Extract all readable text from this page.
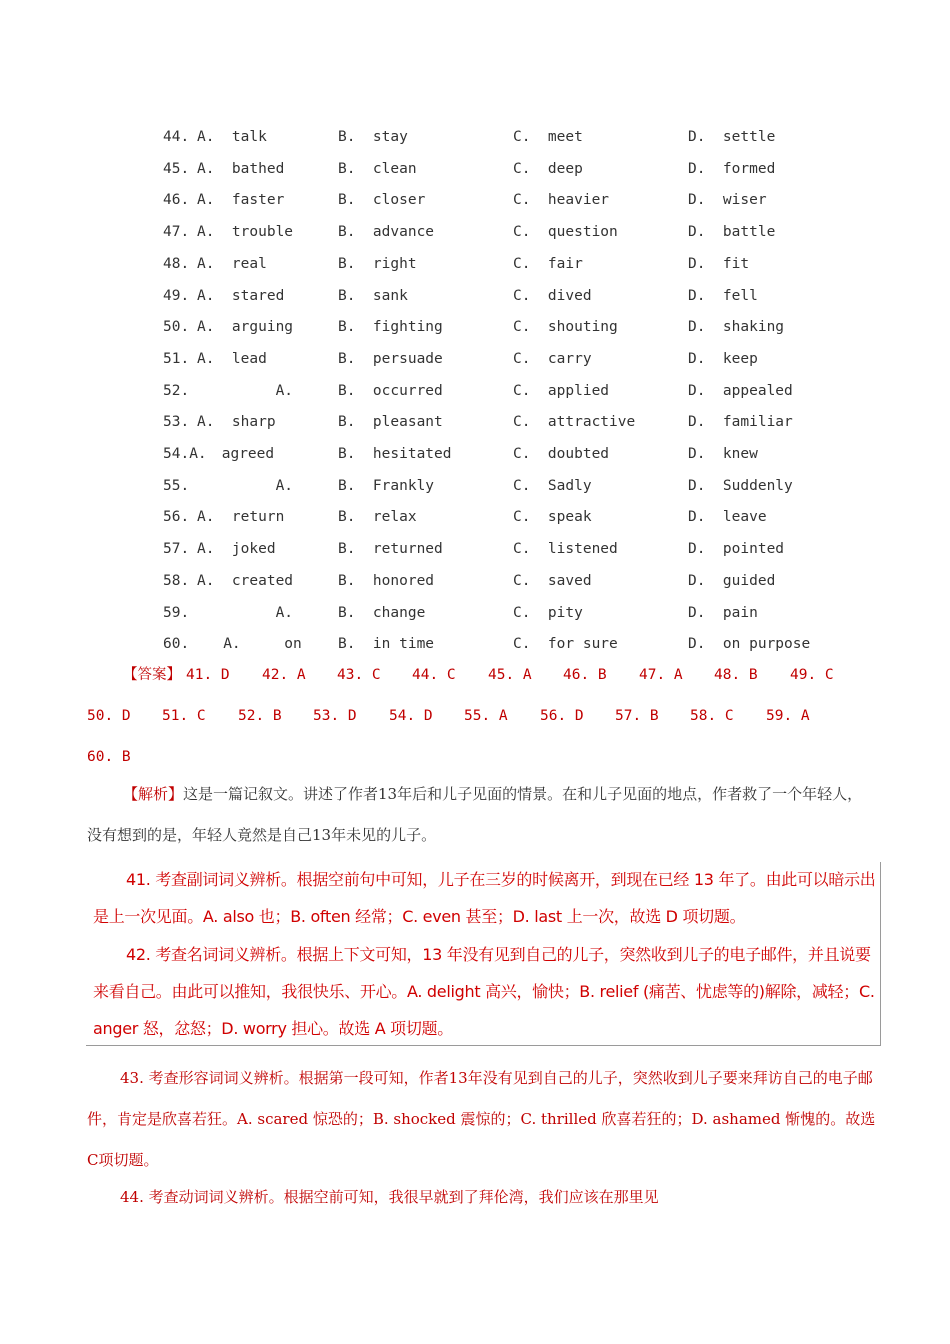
44. A.  talk	B.  stay	C.  meet	D.  settle
45. A.  bathed	B.  clean	C.  deep	D.  formed
46. A.  faster	B.  closer	C.  heavier	D.  wiser
47. A.  trouble	B.  advance	C.  question	D.  battle
48. A.  real	B.  right	C.  fair	D.  fit
49. A.  stared	B.  sank	C.  dived	D.  fell
50. A.  arguing	B.  fighting	C.  shouting	D.  shaking
51. A.  lead	B.  persuade	C.  carry	D.  keep
52. A.	B.  occurred	C.  applied	D.  appealed
53. A.  sharp	B.  pleasant	C.  attractive	D.  familiar
54.A. agreed	B.  hesitated	C.  doubted	D.  knew
55. A.	B.  Frankly	C.  Sadly	D.  Suddenly
56. A.  return	B.  relax	C.  speak	D.  leave
57. A.  joked	B.  returned	C.  listened	D.  pointed
58. A.  created	B.  honored	C.  saved	D.  guided
59. A.	B.  change	C.  pity	D.  pain
60. A.     on B.  in time	C.  for sure	D.  on purpose
【答案】 41. D 42. A 43. C 44. C 45. A 46. B 47. A 48. B 49. C
50. D 51. C 52. B 53. D 54. D 55. A 56. D 57. B 58. C 59. A
60. B
【解析】这是一篇记叙文。讲述了作者13年后和儿子见面的情景。在和儿子见面的地点，作者救了一个年轻人，没有想到的是，年轻人竟然是自己13年未见的儿子。
41. 考查副词词义辨析。根据空前句中可知，儿子在三岁的时候离开，到现在已经 13 年了。由此可以暗示出是上一次见面。A. also 也；B. often 经常；C. even 甚至；D. last 上一次，故选 D 项切题。
42. 考查名词词义辨析。根据上下文可知，13 年没有见到自己的儿子，突然收到儿子的电子邮件，并且说要来看自己。由此可以推知，我很快乐、开心。A. delight 高兴，愉快；B. relief (痛苦、忧虑等的)解除，减轻；C. anger 怒，忿怒；D. worry 担心。故选 A 项切题。
43. 考查形容词词义辨析。根据第一段可知，作者13年没有见到自己的儿子，突然收到儿子要来拜访自己的电子邮件，肯定是欣喜若狂。A. scared 惊恐的；B. shocked 震惊的；C. thrilled 欣喜若狂的；D. ashamed 惭愧的。故选C项切题。
44. 考查动词词义辨析。根据空前可知，我很早就到了拜伦湾，我们应该在那里见
